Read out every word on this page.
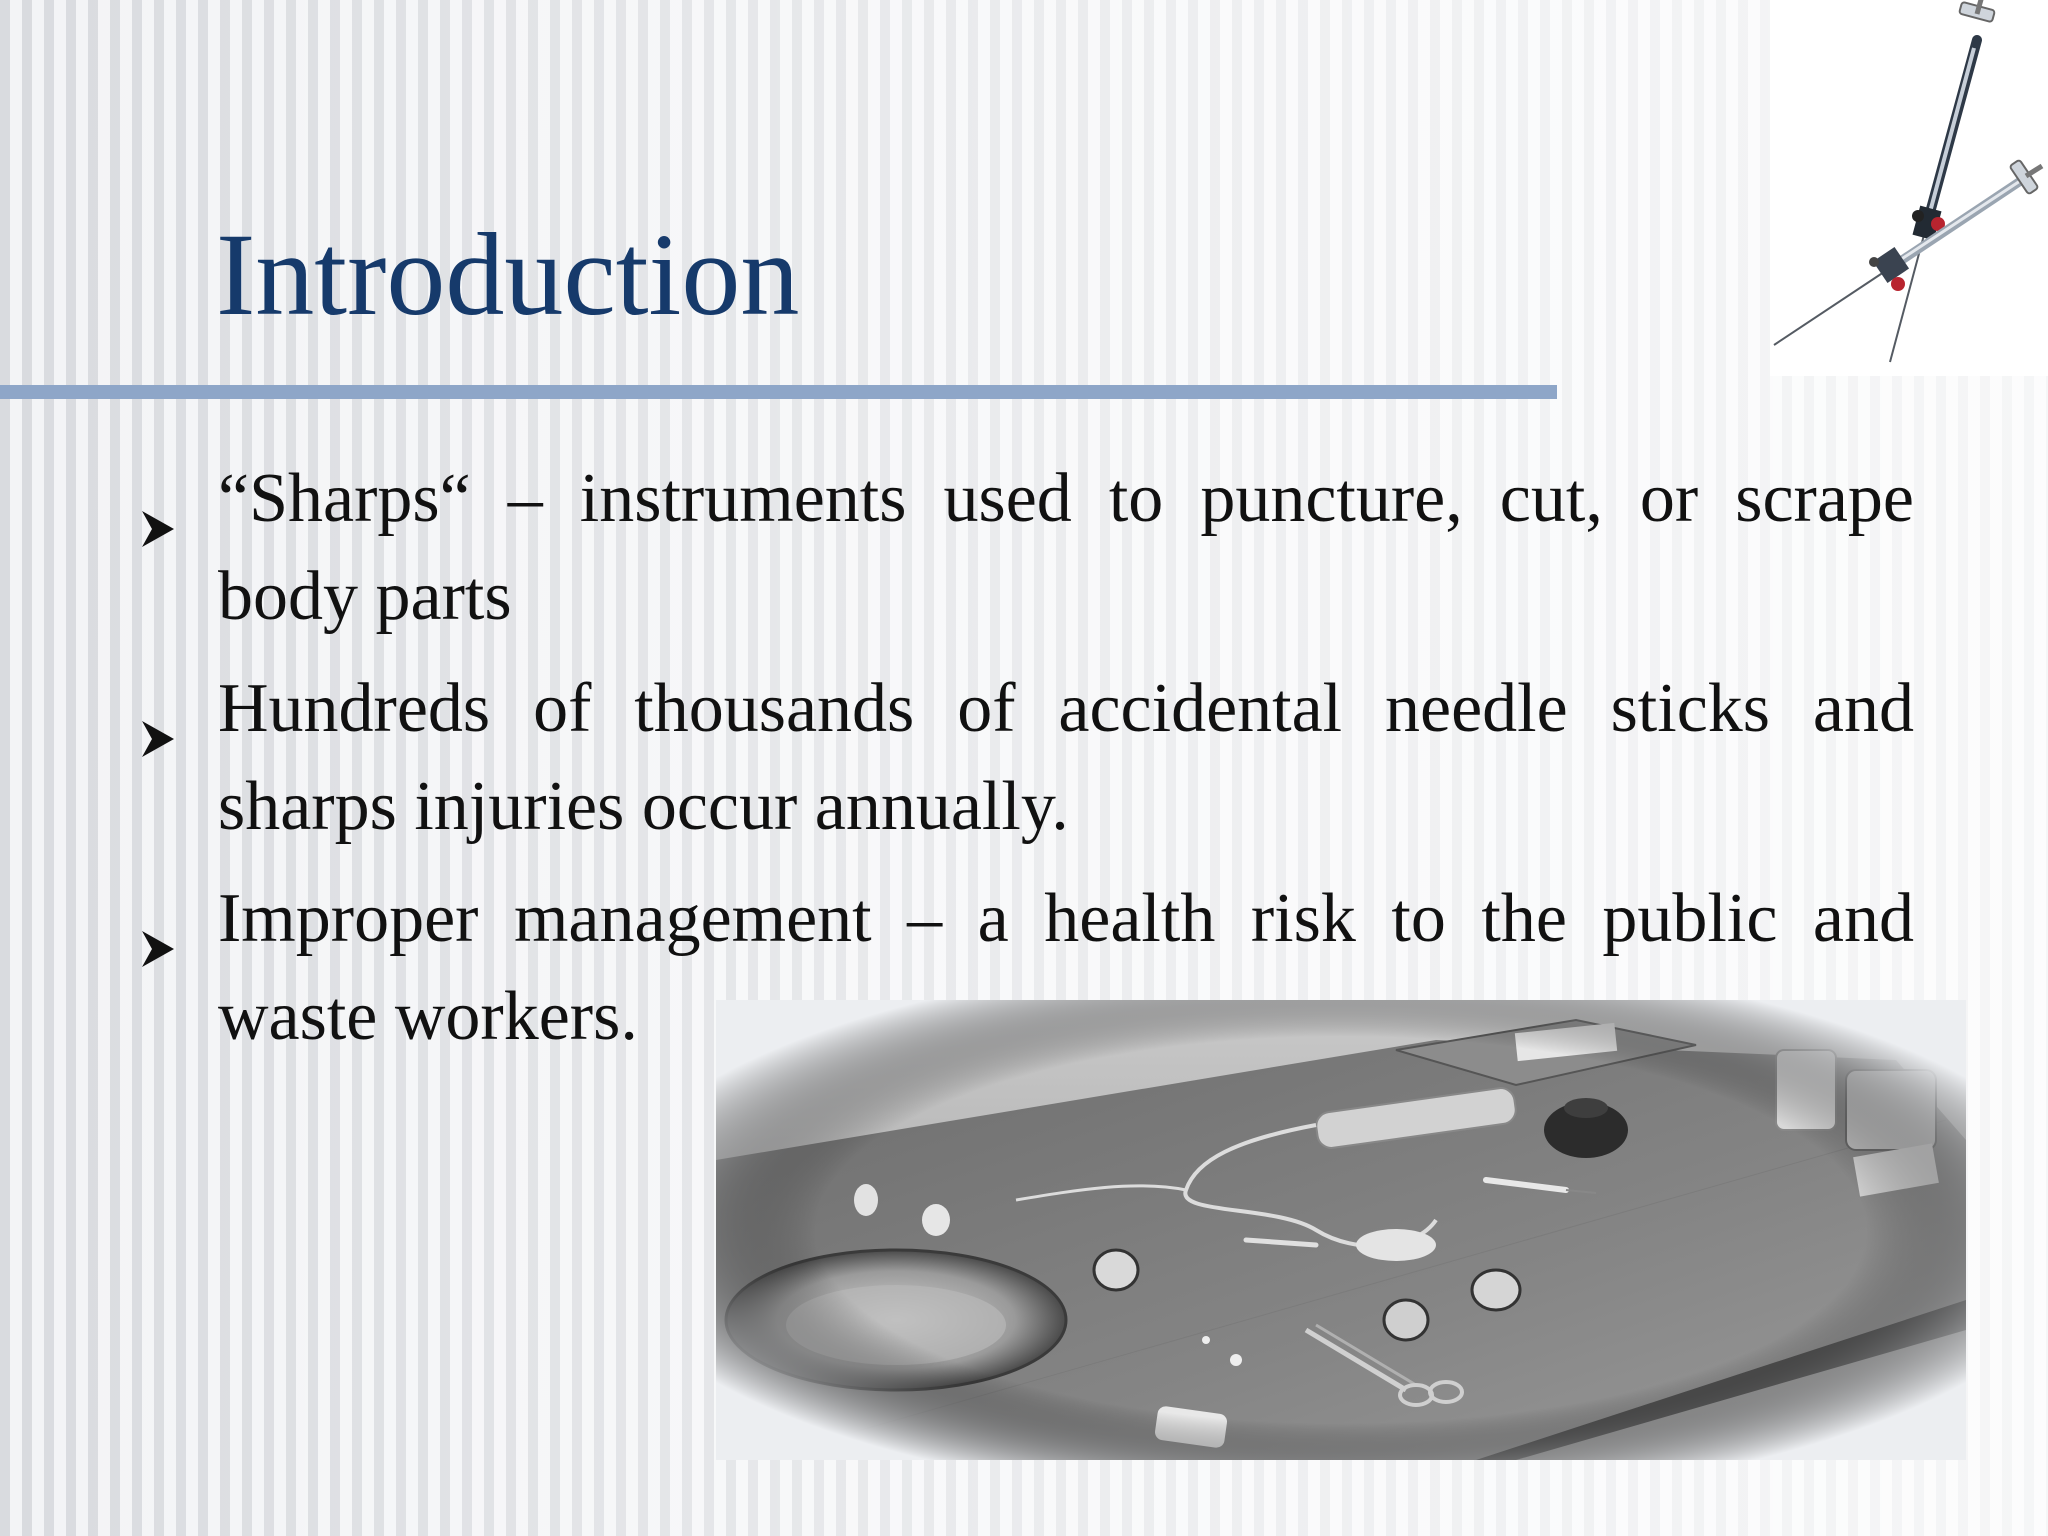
Introduction
“Sharps“ – instruments used to puncture, cut, or scrape body parts
Hundreds of thousands of accidental needle sticks and sharps injuries occur annually.
Improper management – a health risk to the public and waste workers.
